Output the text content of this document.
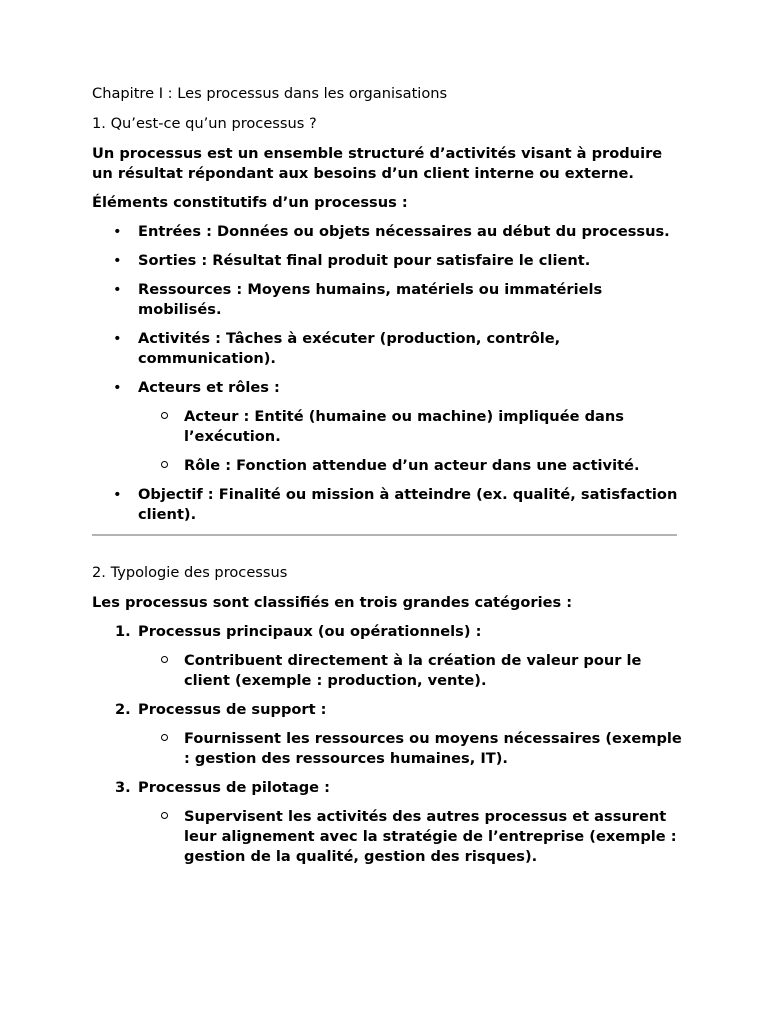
Chapitre I : Les processus dans les organisations
1. Qu’est-ce qu’un processus ?

Un processus est un ensemble structuré d’activités visant à produire un résultat répondant aux besoins d’un client interne ou externe.

Éléments constitutifs d’un processus :

• Entrées : Données ou objets nécessaires au début du processus.
• Sorties : Résultat final produit pour satisfaire le client.
• Ressources : Moyens humains, matériels ou immatériels mobilisés.
• Activités : Tâches à exécuter (production, contrôle, communication).
• Acteurs et rôles :
Acteur : Entité (humaine ou machine) impliquée dans l’exécution.
Rôle : Fonction attendue d’un acteur dans une activité.
• Objectif : Finalité ou mission à atteindre (ex. qualité, satisfaction client).
2. Typologie des processus

Les processus sont classifiés en trois grandes catégories :

1. Processus principaux (ou opérationnels) :
Contribuent directement à la création de valeur pour le client (exemple : production, vente).
2. Processus de support :
Fournissent les ressources ou moyens nécessaires (exemple : gestion des ressources humaines, IT).
3. Processus de pilotage :
Supervisent les activités des autres processus et assurent leur alignement avec la stratégie de l’entreprise (exemple : gestion de la qualité, gestion des risques).
